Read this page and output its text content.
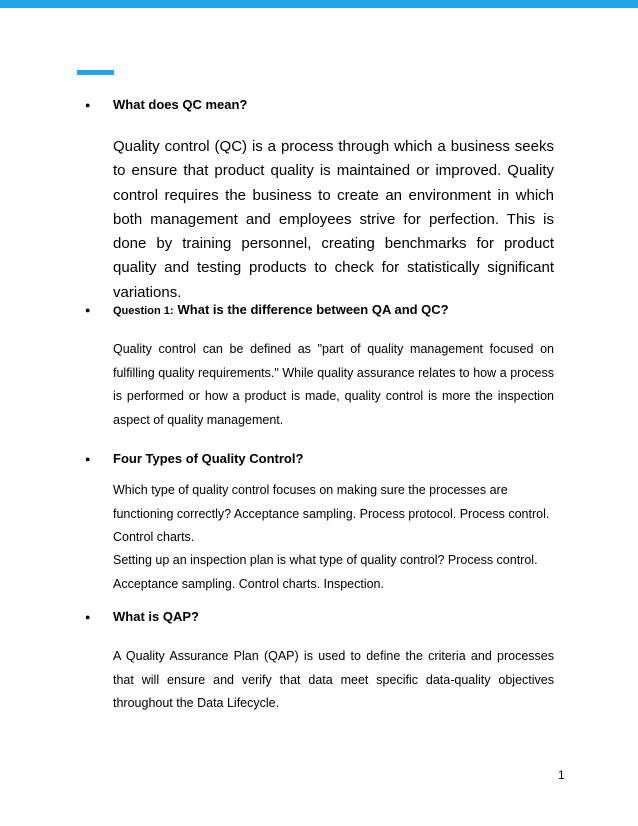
●	What does QC mean?

Quality control (QC) is a process through which a business seeks to ensure that product quality is maintained or improved. Quality control requires the business to create an environment in which both management and employees strive for perfection. This is done by training personnel, creating benchmarks for product quality and testing products to check for statistically significant variations.

●	Question 1: What is the difference between QA and QC?

Quality control can be defined as "part of quality management focused on fulfilling quality requirements." While quality assurance relates to how a process is performed or how a product is made, quality control is more the inspection aspect of quality management.

●	Four Types of Quality Control?

Which type of quality control focuses on making sure the processes are functioning correctly? Acceptance sampling. Process protocol. Process control. Control charts.

Setting up an inspection plan is what type of quality control? Process control. Acceptance sampling. Control charts. Inspection.

●	What is QAP?

A Quality Assurance Plan (QAP) is used to define the criteria and processes that will ensure and verify that data meet specific data-quality objectives throughout the Data Lifecycle.

1
